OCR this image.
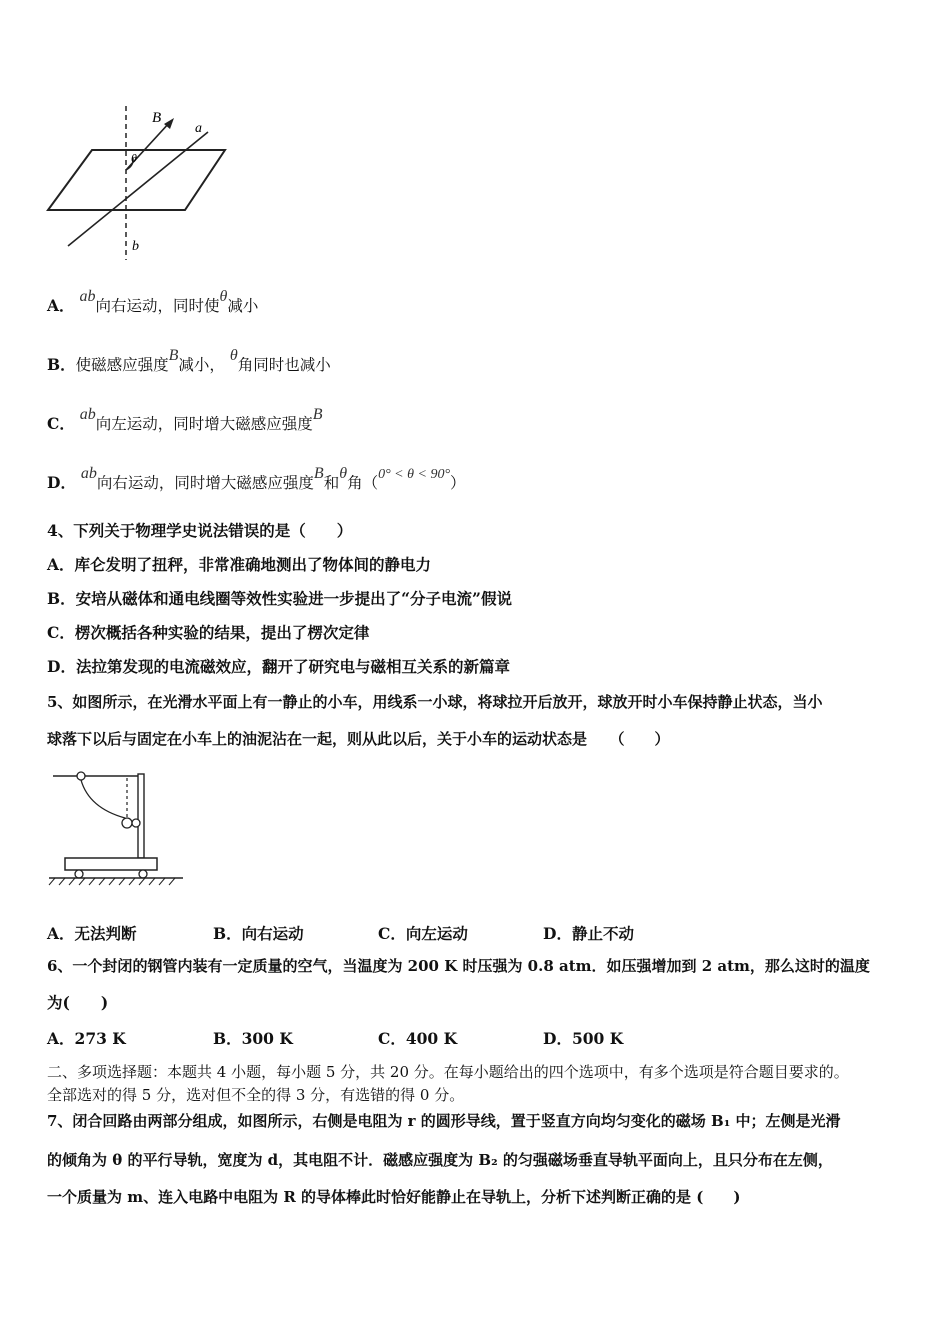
B
a
b
θ
A． ab向右运动，同时使θ减小
B．使磁感应强度B减小， θ角同时也减小
C． ab向左运动，同时增大磁感应强度B
D． ab向右运动，同时增大磁感应强度B和θ角（0° < θ < 90°）
4、下列关于物理学史说法错误的是（　　）
A．库仑发明了扭秤，非常准确地测出了物体间的静电力
B．安培从磁体和通电线圈等效性实验进一步提出了“分子电流”假说
C．楞次概括各种实验的结果，提出了楞次定律
D．法拉第发现的电流磁效应，翻开了研究电与磁相互关系的新篇章
5、如图所示，在光滑水平面上有一静止的小车，用线系一小球，将球拉开后放开，球放开时小车保持静止状态，当小
球落下以后与固定在小车上的油泥沾在一起，则从此以后，关于小车的运动状态是　　（　　）
A．无法判断	B．向右运动	C．向左运动	D．静止不动
6、一个封闭的钢管内装有一定质量的空气，当温度为 200 K 时压强为 0.8 atm．如压强增加到 2 atm，那么这时的温度
为(　　)
A．273 K	B．300 K	C．400 K	D．500 K
二、多项选择题：本题共 4 小题，每小题 5 分，共 20 分。在每小题给出的四个选项中，有多个选项是符合题目要求的。
全部选对的得 5 分，选对但不全的得 3 分，有选错的得 0 分。
7、闭合回路由两部分组成，如图所示，右侧是电阻为 r 的圆形导线，置于竖直方向均匀变化的磁场 B₁ 中；左侧是光滑
的倾角为 θ 的平行导轨，宽度为 d，其电阻不计．磁感应强度为 B₂ 的匀强磁场垂直导轨平面向上，且只分布在左侧，
一个质量为 m、连入电路中电阻为 R 的导体棒此时恰好能静止在导轨上，分析下述判断正确的是 (　　)
